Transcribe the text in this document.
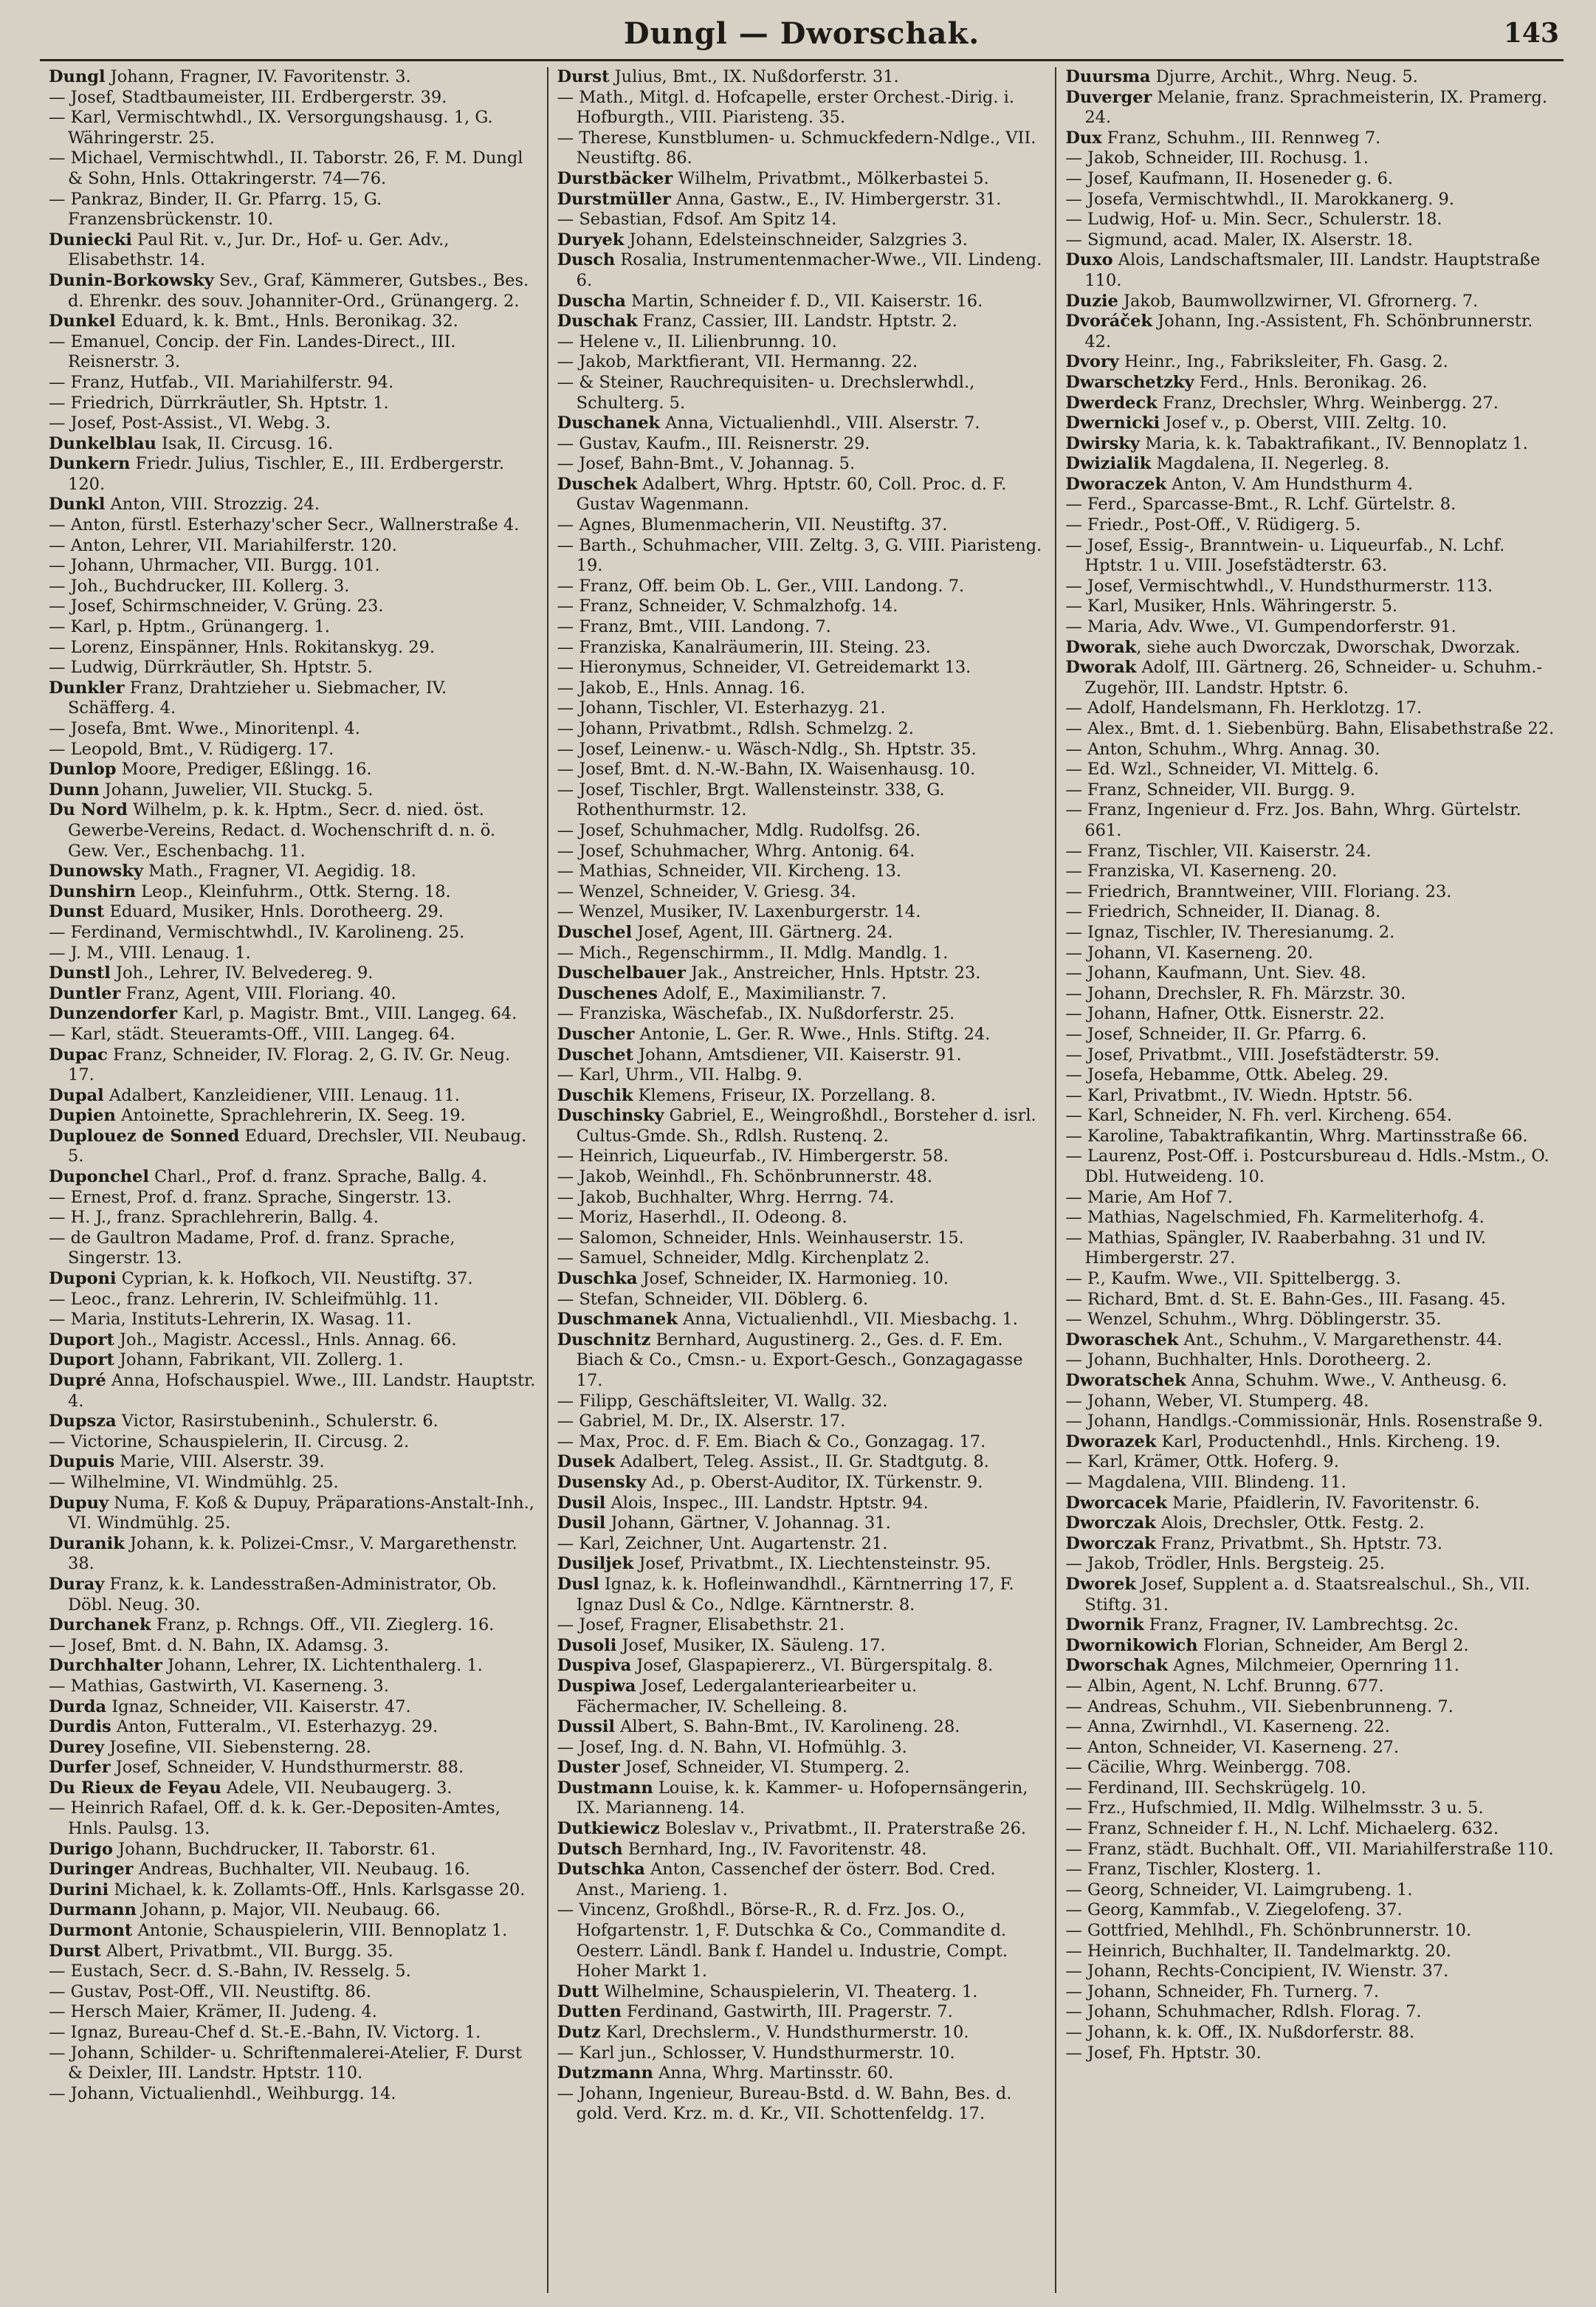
Dungl — Dworschak.	143

Dungl Johann, Fragner, IV. Favoritenstr. 3.

— Josef, Stadtbaumeister, III. Erdbergerstr. 39.

— Karl, Vermischtwhdl., IX. Versorgungshausg. 1, G. Währingerstr. 25.

— Michael, Vermischtwhdl., II. Taborstr. 26, F. M. Dungl & Sohn, Hnls. Ottakringerstr. 74—76.

— Pankraz, Binder, II. Gr. Pfarrg. 15, G. Franzensbrückenstr. 10.

Duniecki Paul Rit. v., Jur. Dr., Hof- u. Ger. Adv., Elisabethstr. 14.

Dunin-Borkowsky Sev., Graf, Kämmerer, Gutsbes., Bes. d. Ehrenkr. des souv. Johanniter-Ord., Grünangerg. 2.

Dunkel Eduard, k. k. Bmt., Hnls. Beronikag. 32.

— Emanuel, Concip. der Fin. Landes-Direct., III. Reisnerstr. 3.

— Franz, Hutfab., VII. Mariahilferstr. 94.

— Friedrich, Dürrkräutler, Sh. Hptstr. 1.

— Josef, Post-Assist., VI. Webg. 3.

Dunkelblau Isak, II. Circusg. 16.

Dunkern Friedr. Julius, Tischler, E., III. Erdbergerstr. 120.

Dunkl Anton, VIII. Strozzig. 24.

— Anton, fürstl. Esterhazy'scher Secr., Wallnerstraße 4.

— Anton, Lehrer, VII. Mariahilferstr. 120.

— Johann, Uhrmacher, VII. Burgg. 101.

— Joh., Buchdrucker, III. Kollerg. 3.

— Josef, Schirmschneider, V. Grüng. 23.

— Karl, p. Hptm., Grünangerg. 1.

— Lorenz, Einspänner, Hnls. Rokitanskyg. 29.

— Ludwig, Dürrkräutler, Sh. Hptstr. 5.

Dunkler Franz, Drahtzieher u. Siebmacher, IV. Schäfferg. 4.

— Josefa, Bmt. Wwe., Minoritenpl. 4.

— Leopold, Bmt., V. Rüdigerg. 17.

Dunlop Moore, Prediger, Eßlingg. 16.

Dunn Johann, Juwelier, VII. Stuckg. 5.

Du Nord Wilhelm, p. k. k. Hptm., Secr. d. nied. öst. Gewerbe-Vereins, Redact. d. Wochenschrift d. n. ö. Gew. Ver., Eschenbachg. 11.

Dunowsky Math., Fragner, VI. Aegidig. 18.

Dunshirn Leop., Kleinfuhrm., Ottk. Sterng. 18.

Dunst Eduard, Musiker, Hnls. Dorotheerg. 29.

— Ferdinand, Vermischtwhdl., IV. Karolineng. 25.

— J. M., VIII. Lenaug. 1.

Dunstl Joh., Lehrer, IV. Belvedereg. 9.

Duntler Franz, Agent, VIII. Floriang. 40.

Dunzendorfer Karl, p. Magistr. Bmt., VIII. Langeg. 64.

— Karl, städt. Steueramts-Off., VIII. Langeg. 64.

Dupac Franz, Schneider, IV. Florag. 2, G. IV. Gr. Neug. 17.

Dupal Adalbert, Kanzleidiener, VIII. Lenaug. 11.

Dupien Antoinette, Sprachlehrerin, IX. Seeg. 19.

Duplouez de Sonned Eduard, Drechsler, VII. Neubaug. 5.

Duponchel Charl., Prof. d. franz. Sprache, Ballg. 4.

— Ernest, Prof. d. franz. Sprache, Singerstr. 13.

— H. J., franz. Sprachlehrerin, Ballg. 4.

— de Gaultron Madame, Prof. d. franz. Sprache, Singerstr. 13.

Duponi Cyprian, k. k. Hofkoch, VII. Neustiftg. 37.

— Leoc., franz. Lehrerin, IV. Schleifmühlg. 11.

— Maria, Instituts-Lehrerin, IX. Wasag. 11.

Duport Joh., Magistr. Accessl., Hnls. Annag. 66.

Duport Johann, Fabrikant, VII. Zollerg. 1.

Dupré Anna, Hofschauspiel. Wwe., III. Landstr. Hauptstr. 4.

Dupsza Victor, Rasirstubeninh., Schulerstr. 6.

— Victorine, Schauspielerin, II. Circusg. 2.

Dupuis Marie, VIII. Alserstr. 39.

— Wilhelmine, VI. Windmühlg. 25.

Dupuy Numa, F. Koß & Dupuy, Präparations-Anstalt-Inh., VI. Windmühlg. 25.

Duranik Johann, k. k. Polizei-Cmsr., V. Margarethenstr. 38.

Duray Franz, k. k. Landesstraßen-Administrator, Ob. Döbl. Neug. 30.

Durchanek Franz, p. Rchngs. Off., VII. Zieglerg. 16.

— Josef, Bmt. d. N. Bahn, IX. Adamsg. 3.

Durchhalter Johann, Lehrer, IX. Lichtenthalerg. 1.

— Mathias, Gastwirth, VI. Kaserneng. 3.

Durda Ignaz, Schneider, VII. Kaiserstr. 47.

Durdis Anton, Futteralm., VI. Esterhazyg. 29.

Durey Josefine, VII. Siebensterng. 28.

Durfer Josef, Schneider, V. Hundsthurmerstr. 88.

Du Rieux de Feyau Adele, VII. Neubaugerg. 3.

— Heinrich Rafael, Off. d. k. k. Ger.-Depositen-Amtes, Hnls. Paulsg. 13.

Durigo Johann, Buchdrucker, II. Taborstr. 61.

Duringer Andreas, Buchhalter, VII. Neubaug. 16.

Durini Michael, k. k. Zollamts-Off., Hnls. Karlsgasse 20.

Durmann Johann, p. Major, VII. Neubaug. 66.

Durmont Antonie, Schauspielerin, VIII. Bennoplatz 1.

Durst Albert, Privatbmt., VII. Burgg. 35.

— Eustach, Secr. d. S.-Bahn, IV. Resselg. 5.

— Gustav, Post-Off., VII. Neustiftg. 86.

— Hersch Maier, Krämer, II. Judeng. 4.

— Ignaz, Bureau-Chef d. St.-E.-Bahn, IV. Victorg. 1.

— Johann, Schilder- u. Schriftenmalerei-Atelier, F. Durst & Deixler, III. Landstr. Hptstr. 110.

— Johann, Victualienhdl., Weihburgg. 14.

Durst Julius, Bmt., IX. Nußdorferstr. 31.

— Math., Mitgl. d. Hofcapelle, erster Orchest.-Dirig. i. Hofburgth., VIII. Piaristeng. 35.

— Therese, Kunstblumen- u. Schmuckfedern-Ndlge., VII. Neustiftg. 86.

Durstbäcker Wilhelm, Privatbmt., Mölkerbastei 5.

Durstmüller Anna, Gastw., E., IV. Himbergerstr. 31.

— Sebastian, Fdsof. Am Spitz 14.

Duryek Johann, Edelsteinschneider, Salzgries 3.

Dusch Rosalia, Instrumentenmacher-Wwe., VII. Lindeng. 6.

Duscha Martin, Schneider f. D., VII. Kaiserstr. 16.

Duschak Franz, Cassier, III. Landstr. Hptstr. 2.

— Helene v., II. Lilienbrunng. 10.

— Jakob, Marktfierant, VII. Hermanng. 22.

— & Steiner, Rauchrequisiten- u. Drechslerwhdl., Schulterg. 5.

Duschanek Anna, Victualienhdl., VIII. Alserstr. 7.

— Gustav, Kaufm., III. Reisnerstr. 29.

— Josef, Bahn-Bmt., V. Johannag. 5.

Duschek Adalbert, Whrg. Hptstr. 60, Coll. Proc. d. F. Gustav Wagenmann.

— Agnes, Blumenmacherin, VII. Neustiftg. 37.

— Barth., Schuhmacher, VIII. Zeltg. 3, G. VIII. Piaristeng. 19.

— Franz, Off. beim Ob. L. Ger., VIII. Landong. 7.

— Franz, Schneider, V. Schmalzhofg. 14.

— Franz, Bmt., VIII. Landong. 7.

— Franziska, Kanalräumerin, III. Steing. 23.

— Hieronymus, Schneider, VI. Getreidemarkt 13.

— Jakob, E., Hnls. Annag. 16.

— Johann, Tischler, VI. Esterhazyg. 21.

— Johann, Privatbmt., Rdlsh. Schmelzg. 2.

— Josef, Leinenw.- u. Wäsch-Ndlg., Sh. Hptstr. 35.

— Josef, Bmt. d. N.-W.-Bahn, IX. Waisenhausg. 10.

— Josef, Tischler, Brgt. Wallensteinstr. 338, G. Rothenthurmstr. 12.

— Josef, Schuhmacher, Mdlg. Rudolfsg. 26.

— Josef, Schuhmacher, Whrg. Antonig. 64.

— Mathias, Schneider, VII. Kircheng. 13.

— Wenzel, Schneider, V. Griesg. 34.

— Wenzel, Musiker, IV. Laxenburgerstr. 14.

Duschel Josef, Agent, III. Gärtnerg. 24.

— Mich., Regenschirmm., II. Mdlg. Mandlg. 1.

Duschelbauer Jak., Anstreicher, Hnls. Hptstr. 23.

Duschenes Adolf, E., Maximilianstr. 7.

— Franziska, Wäschefab., IX. Nußdorferstr. 25.

Duscher Antonie, L. Ger. R. Wwe., Hnls. Stiftg. 24.

Duschet Johann, Amtsdiener, VII. Kaiserstr. 91.

— Karl, Uhrm., VII. Halbg. 9.

Duschik Klemens, Friseur, IX. Porzellang. 8.

Duschinsky Gabriel, E., Weingroßhdl., Borsteher d. isrl. Cultus-Gmde. Sh., Rdlsh. Rustenq. 2.

— Heinrich, Liqueurfab., IV. Himbergerstr. 58.

— Jakob, Weinhdl., Fh. Schönbrunnerstr. 48.

— Jakob, Buchhalter, Whrg. Herrng. 74.

— Moriz, Haserhdl., II. Odeong. 8.

— Salomon, Schneider, Hnls. Weinhauserstr. 15.

— Samuel, Schneider, Mdlg. Kirchenplatz 2.

Duschka Josef, Schneider, IX. Harmonieg. 10.

— Stefan, Schneider, VII. Döblerg. 6.

Duschmanek Anna, Victualienhdl., VII. Miesbachg. 1.

Duschnitz Bernhard, Augustinerg. 2., Ges. d. F. Em. Biach & Co., Cmsn.- u. Export-Gesch., Gonzagagasse 17.

— Filipp, Geschäftsleiter, VI. Wallg. 32.

— Gabriel, M. Dr., IX. Alserstr. 17.

— Max, Proc. d. F. Em. Biach & Co., Gonzagag. 17.

Dusek Adalbert, Teleg. Assist., II. Gr. Stadtgutg. 8.

Dusensky Ad., p. Oberst-Auditor, IX. Türkenstr. 9.

Dusil Alois, Inspec., III. Landstr. Hptstr. 94.

Dusil Johann, Gärtner, V. Johannag. 31.

— Karl, Zeichner, Unt. Augartenstr. 21.

Dusiljek Josef, Privatbmt., IX. Liechtensteinstr. 95.

Dusl Ignaz, k. k. Hofleinwandhdl., Kärntnerring 17, F. Ignaz Dusl & Co., Ndlge. Kärntnerstr. 8.

— Josef, Fragner, Elisabethstr. 21.

Dusoli Josef, Musiker, IX. Säuleng. 17.

Duspiva Josef, Glaspapiererz., VI. Bürgerspitalg. 8.

Duspiwa Josef, Ledergalanteriearbeiter u. Fächermacher, IV. Schelleing. 8.

Dussil Albert, S. Bahn-Bmt., IV. Karolineng. 28.

— Josef, Ing. d. N. Bahn, VI. Hofmühlg. 3.

Duster Josef, Schneider, VI. Stumperg. 2.

Dustmann Louise, k. k. Kammer- u. Hofopernsängerin, IX. Marianneng. 14.

Dutkiewicz Boleslav v., Privatbmt., II. Praterstraße 26.

Dutsch Bernhard, Ing., IV. Favoritenstr. 48.

Dutschka Anton, Cassenchef der österr. Bod. Cred. Anst., Marieng. 1.

— Vincenz, Großhdl., Börse-R., R. d. Frz. Jos. O., Hofgartenstr. 1, F. Dutschka & Co., Commandite d. Oesterr. Ländl. Bank f. Handel u. Industrie, Compt. Hoher Markt 1.

Dutt Wilhelmine, Schauspielerin, VI. Theaterg. 1.

Dutten Ferdinand, Gastwirth, III. Pragerstr. 7.

Dutz Karl, Drechslerm., V. Hundsthurmerstr. 10.

— Karl jun., Schlosser, V. Hundsthurmerstr. 10.

Dutzmann Anna, Whrg. Martinsstr. 60.

— Johann, Ingenieur, Bureau-Bstd. d. W. Bahn, Bes. d. gold. Verd. Krz. m. d. Kr., VII. Schottenfeldg. 17.

Duursma Djurre, Archit., Whrg. Neug. 5.

Duverger Melanie, franz. Sprachmeisterin, IX. Pramerg. 24.

Dux Franz, Schuhm., III. Rennweg 7.

— Jakob, Schneider, III. Rochusg. 1.

— Josef, Kaufmann, II. Hoseneder g. 6.

— Josefa, Vermischtwhdl., II. Marokkanerg. 9.

— Ludwig, Hof- u. Min. Secr., Schulerstr. 18.

— Sigmund, acad. Maler, IX. Alserstr. 18.

Duxo Alois, Landschaftsmaler, III. Landstr. Hauptstraße 110.

Duzie Jakob, Baumwollzwirner, VI. Gfrornerg. 7.

Dvoráček Johann, Ing.-Assistent, Fh. Schönbrunnerstr. 42.

Dvory Heinr., Ing., Fabriksleiter, Fh. Gasg. 2.

Dwarschetzky Ferd., Hnls. Beronikag. 26.

Dwerdeck Franz, Drechsler, Whrg. Weinbergg. 27.

Dwernicki Josef v., p. Oberst, VIII. Zeltg. 10.

Dwirsky Maria, k. k. Tabaktrafikant., IV. Bennoplatz 1.

Dwizialik Magdalena, II. Negerleg. 8.

Dworaczek Anton, V. Am Hundsthurm 4.

— Ferd., Sparcasse-Bmt., R. Lchf. Gürtelstr. 8.

— Friedr., Post-Off., V. Rüdigerg. 5.

— Josef, Essig-, Branntwein- u. Liqueurfab., N. Lchf. Hptstr. 1 u. VIII. Josefstädterstr. 63.

— Josef, Vermischtwhdl., V. Hundsthurmerstr. 113.

— Karl, Musiker, Hnls. Währingerstr. 5.

— Maria, Adv. Wwe., VI. Gumpendorferstr. 91.

Dworak, siehe auch Dworczak, Dworschak, Dworzak.

Dworak Adolf, III. Gärtnerg. 26, Schneider- u. Schuhm.-Zugehör, III. Landstr. Hptstr. 6.

— Adolf, Handelsmann, Fh. Herklotzg. 17.

— Alex., Bmt. d. 1. Siebenbürg. Bahn, Elisabethstraße 22.

— Anton, Schuhm., Whrg. Annag. 30.

— Ed. Wzl., Schneider, VI. Mittelg. 6.

— Franz, Schneider, VII. Burgg. 9.

— Franz, Ingenieur d. Frz. Jos. Bahn, Whrg. Gürtelstr. 661.

— Franz, Tischler, VII. Kaiserstr. 24.

— Franziska, VI. Kaserneng. 20.

— Friedrich, Branntweiner, VIII. Floriang. 23.

— Friedrich, Schneider, II. Dianag. 8.

— Ignaz, Tischler, IV. Theresianumg. 2.

— Johann, VI. Kaserneng. 20.

— Johann, Kaufmann, Unt. Siev. 48.

— Johann, Drechsler, R. Fh. Märzstr. 30.

— Johann, Hafner, Ottk. Eisnerstr. 22.

— Josef, Schneider, II. Gr. Pfarrg. 6.

— Josef, Privatbmt., VIII. Josefstädterstr. 59.

— Josefa, Hebamme, Ottk. Abeleg. 29.

— Karl, Privatbmt., IV. Wiedn. Hptstr. 56.

— Karl, Schneider, N. Fh. verl. Kircheng. 654.

— Karoline, Tabaktrafikantin, Whrg. Martinsstraße 66.

— Laurenz, Post-Off. i. Postcursbureau d. Hdls.-Mstm., O. Dbl. Hutweideng. 10.

— Marie, Am Hof 7.

— Mathias, Nagelschmied, Fh. Karmeliterhofg. 4.

— Mathias, Spängler, IV. Raaberbahng. 31 und IV. Himbergerstr. 27.

— P., Kaufm. Wwe., VII. Spittelbergg. 3.

— Richard, Bmt. d. St. E. Bahn-Ges., III. Fasang. 45.

— Wenzel, Schuhm., Whrg. Döblingerstr. 35.

Dworaschek Ant., Schuhm., V. Margarethenstr. 44.

— Johann, Buchhalter, Hnls. Dorotheerg. 2.

Dworatschek Anna, Schuhm. Wwe., V. Antheusg. 6.

— Johann, Weber, VI. Stumperg. 48.

— Johann, Handlgs.-Commissionär, Hnls. Rosenstraße 9.

Dworazek Karl, Productenhdl., Hnls. Kircheng. 19.

— Karl, Krämer, Ottk. Hoferg. 9.

— Magdalena, VIII. Blindeng. 11.

Dworcacek Marie, Pfaidlerin, IV. Favoritenstr. 6.

Dworczak Alois, Drechsler, Ottk. Festg. 2.

Dworczak Franz, Privatbmt., Sh. Hptstr. 73.

— Jakob, Trödler, Hnls. Bergsteig. 25.

Dworek Josef, Supplent a. d. Staatsrealschul., Sh., VII. Stiftg. 31.

Dwornik Franz, Fragner, IV. Lambrechtsg. 2c.

Dwornikowich Florian, Schneider, Am Bergl 2.

Dworschak Agnes, Milchmeier, Opernring 11.

— Albin, Agent, N. Lchf. Brunng. 677.

— Andreas, Schuhm., VII. Siebenbrunneng. 7.

— Anna, Zwirnhdl., VI. Kaserneng. 22.

— Anton, Schneider, VI. Kaserneng. 27.

— Cäcilie, Whrg. Weinbergg. 708.

— Ferdinand, III. Sechskrügelg. 10.

— Frz., Hufschmied, II. Mdlg. Wilhelmsstr. 3 u. 5.

— Franz, Schneider f. H., N. Lchf. Michaelerg. 632.

— Franz, städt. Buchhalt. Off., VII. Mariahilferstraße 110.

— Franz, Tischler, Klosterg. 1.

— Georg, Schneider, VI. Laimgrubeng. 1.

— Georg, Kammfab., V. Ziegelofeng. 37.

— Gottfried, Mehlhdl., Fh. Schönbrunnerstr. 10.

— Heinrich, Buchhalter, II. Tandelmarktg. 20.

— Johann, Rechts-Concipient, IV. Wienstr. 37.

— Johann, Schneider, Fh. Turnerg. 7.

— Johann, Schuhmacher, Rdlsh. Florag. 7.

— Johann, k. k. Off., IX. Nußdorferstr. 88.

— Josef, Fh. Hptstr. 30.
